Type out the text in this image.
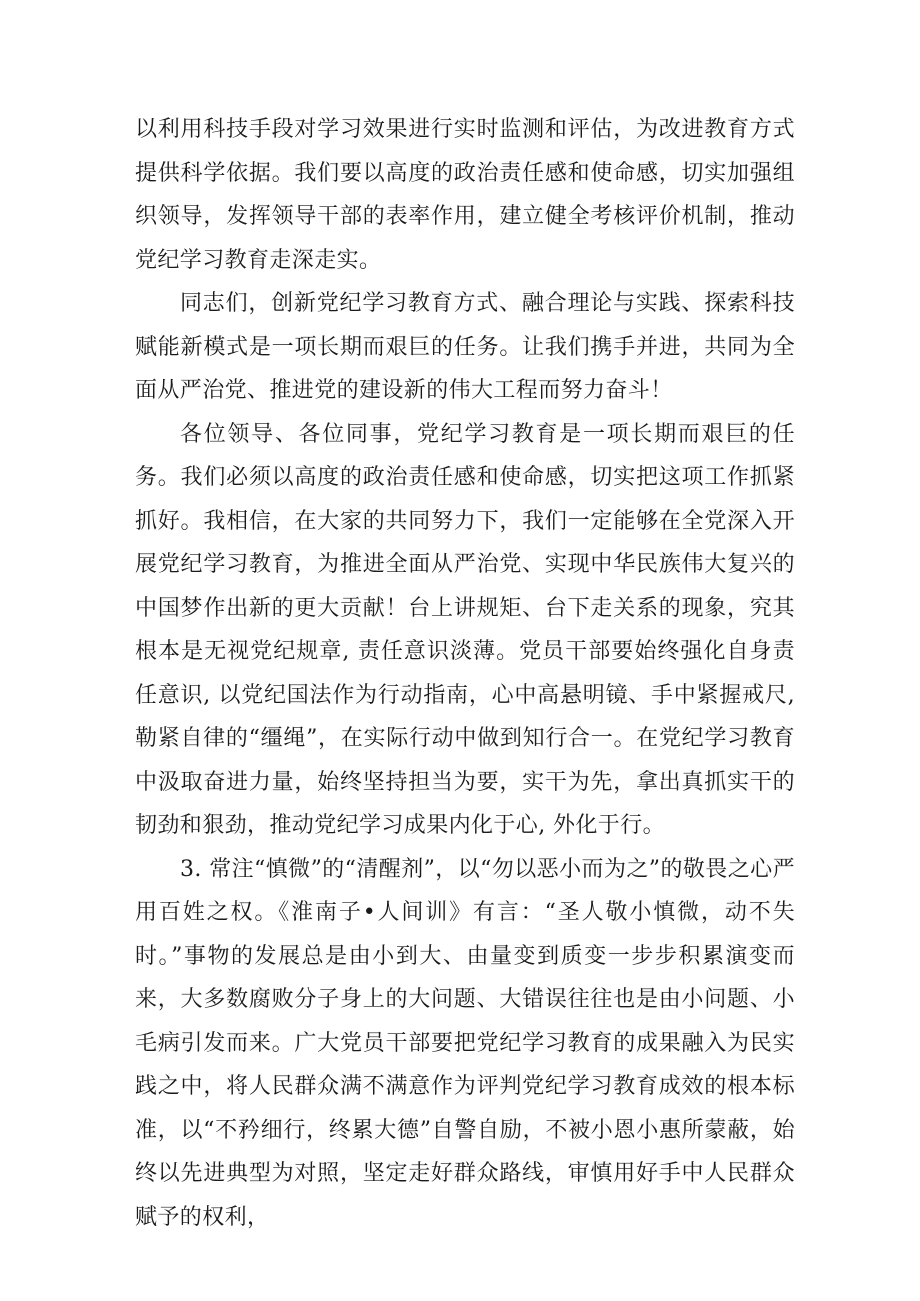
以利用科技手段对学习效果进行实时监测和评估，为改进教育方式提供科学依据。我们要以高度的政治责任感和使命感，切实加强组织领导，发挥领导干部的表率作用，建立健全考核评价机制，推动党纪学习教育走深走实。

同志们，创新党纪学习教育方式、融合理论与实践、探索科技赋能新模式是一项长期而艰巨的任务。让我们携手并进，共同为全面从严治党、推进党的建设新的伟大工程而努力奋斗！

各位领导、各位同事，党纪学习教育是一项长期而艰巨的任务。我们必须以高度的政治责任感和使命感，切实把这项工作抓紧抓好。我相信，在大家的共同努力下，我们一定能够在全党深入开展党纪学习教育，为推进全面从严治党、实现中华民族伟大复兴的中国梦作出新的更大贡献！台上讲规矩、台下走关系的现象，究其根本是无视党纪规章, 责任意识淡薄。党员干部要始终强化自身责任意识, 以党纪国法作为行动指南，心中高悬明镜、手中紧握戒尺, 勒紧自律的“缰绳”，在实际行动中做到知行合一。在党纪学习教育中汲取奋进力量，始终坚持担当为要，实干为先，拿出真抓实干的韧劲和狠劲，推动党纪学习成果内化于心, 外化于行。

3. 常注“慎微”的“清醒剂”，以“勿以恶小而为之”的敬畏之心严用百姓之权。《淮南子•人间训》有言：“圣人敬小慎微，动不失时。”事物的发展总是由小到大、由量变到质变一步步积累演变而来，大多数腐败分子身上的大问题、大错误往往也是由小问题、小毛病引发而来。广大党员干部要把党纪学习教育的成果融入为民实践之中，将人民群众满不满意作为评判党纪学习教育成效的根本标准，以“不矜细行，终累大德”自警自励，不被小恩小惠所蒙蔽，始终以先进典型为对照，坚定走好群众路线，审慎用好手中人民群众赋予的权利，
